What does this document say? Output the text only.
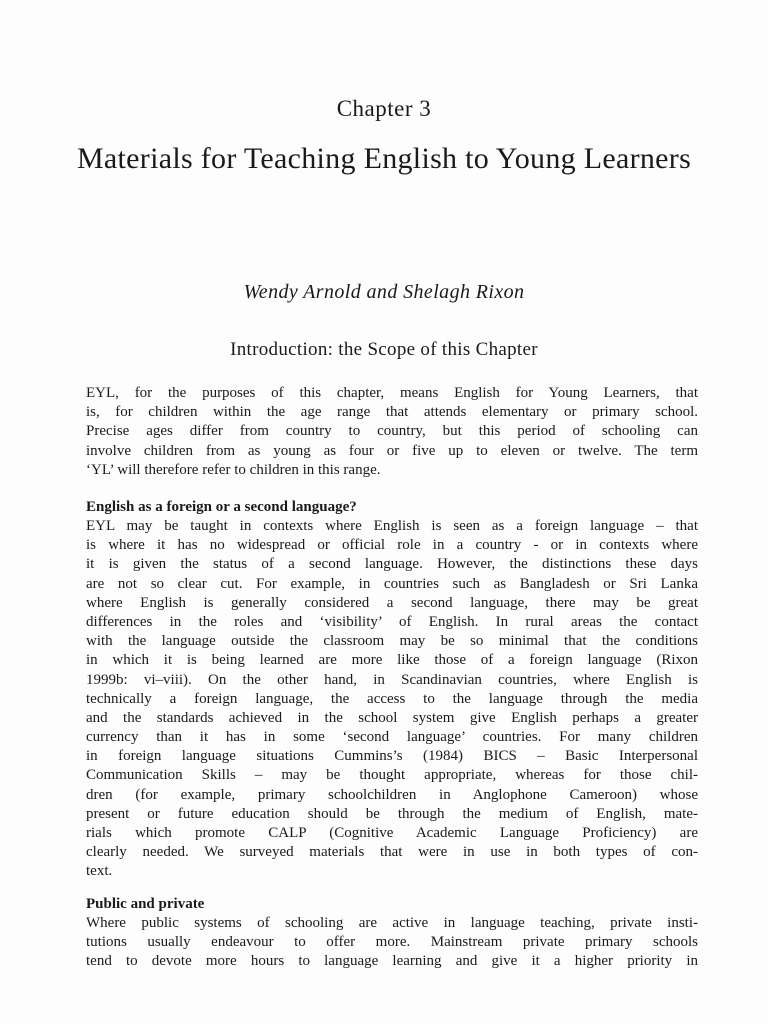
Chapter 3
Materials for Teaching English to Young Learners
Wendy Arnold and Shelagh Rixon
Introduction: the Scope of this Chapter
EYL, for the purposes of this chapter, means English for Young Learners, that
is, for children within the age range that attends elementary or primary school.
Precise ages differ from country to country, but this period of schooling can
involve children from as young as four or five up to eleven or twelve. The term
‘YL’ will therefore refer to children in this range.
English as a foreign or a second language?
EYL may be taught in contexts where English is seen as a foreign language – that
is where it has no widespread or official role in a country - or in contexts where
it is given the status of a second language. However, the distinctions these days
are not so clear cut. For example, in countries such as Bangladesh or Sri Lanka
where English is generally considered a second language, there may be great
differences in the roles and ‘visibility’ of English. In rural areas the contact
with the language outside the classroom may be so minimal that the conditions
in which it is being learned are more like those of a foreign language (Rixon
1999b: vi–viii). On the other hand, in Scandinavian countries, where English is
technically a foreign language, the access to the language through the media
and the standards achieved in the school system give English perhaps a greater
currency than it has in some ‘second language’ countries. For many children
in foreign language situations Cummins’s (1984) BICS – Basic Interpersonal
Communication Skills – may be thought appropriate, whereas for those chil-
dren (for example, primary schoolchildren in Anglophone Cameroon) whose
present or future education should be through the medium of English, mate-
rials which promote CALP (Cognitive Academic Language Proficiency) are
clearly needed. We surveyed materials that were in use in both types of con-
text.
Public and private
Where public systems of schooling are active in language teaching, private insti-
tutions usually endeavour to offer more. Mainstream private primary schools
tend to devote more hours to language learning and give it a higher priority in
